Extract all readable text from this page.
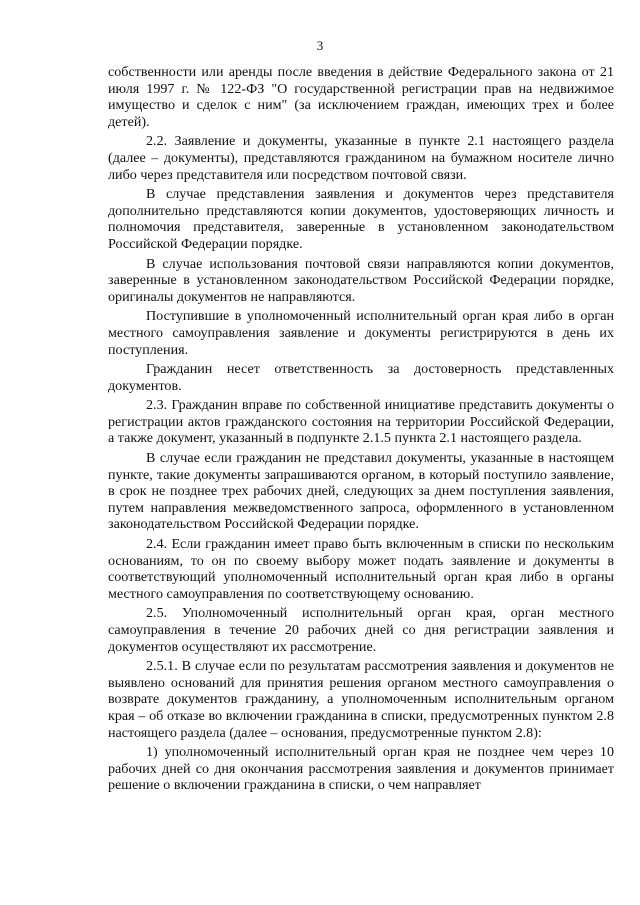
3

собственности или аренды после введения в действие Федерального закона от 21 июля 1997 г. № 122-ФЗ "О государственной регистрации прав на недвижимое имущество и сделок с ним" (за исключением граждан, имеющих трех и более детей).

2.2. Заявление и документы, указанные в пункте 2.1 настоящего раздела (далее – документы), представляются гражданином на бумажном носителе лично либо через представителя или посредством почтовой связи.

В случае представления заявления и документов через представителя дополнительно представляются копии документов, удостоверяющих личность и полномочия представителя, заверенные в установленном законодательством Российской Федерации порядке.

В случае использования почтовой связи направляются копии документов, заверенные в установленном законодательством Российской Федерации порядке, оригиналы документов не направляются.

Поступившие в уполномоченный исполнительный орган края либо в орган местного самоуправления заявление и документы регистрируются в день их поступления.

Гражданин несет ответственность за достоверность представленных документов.

2.3. Гражданин вправе по собственной инициативе представить документы о регистрации актов гражданского состояния на территории Российской Федерации, а также документ, указанный в подпункте 2.1.5 пункта 2.1 настоящего раздела.

В случае если гражданин не представил документы, указанные в настоящем пункте, такие документы запрашиваются органом, в который поступило заявление, в срок не позднее трех рабочих дней, следующих за днем поступления заявления, путем направления межведомственного запроса, оформленного в установленном законодательством Российской Федерации порядке.

2.4. Если гражданин имеет право быть включенным в списки по нескольким основаниям, то он по своему выбору может подать заявление и документы в соответствующий уполномоченный исполнительный орган края либо в органы местного самоуправления по соответствующему основанию.

2.5. Уполномоченный исполнительный орган края, орган местного самоуправления в течение 20 рабочих дней со дня регистрации заявления и документов осуществляют их рассмотрение.

2.5.1. В случае если по результатам рассмотрения заявления и документов не выявлено оснований для принятия решения органом местного самоуправления о возврате документов гражданину, а уполномоченным исполнительным органом края – об отказе во включении гражданина в списки, предусмотренных пунктом 2.8 настоящего раздела (далее – основания, предусмотренные пунктом 2.8):

1) уполномоченный исполнительный орган края не позднее чем через 10 рабочих дней со дня окончания рассмотрения заявления и документов принимает решение о включении гражданина в списки, о чем направляет
